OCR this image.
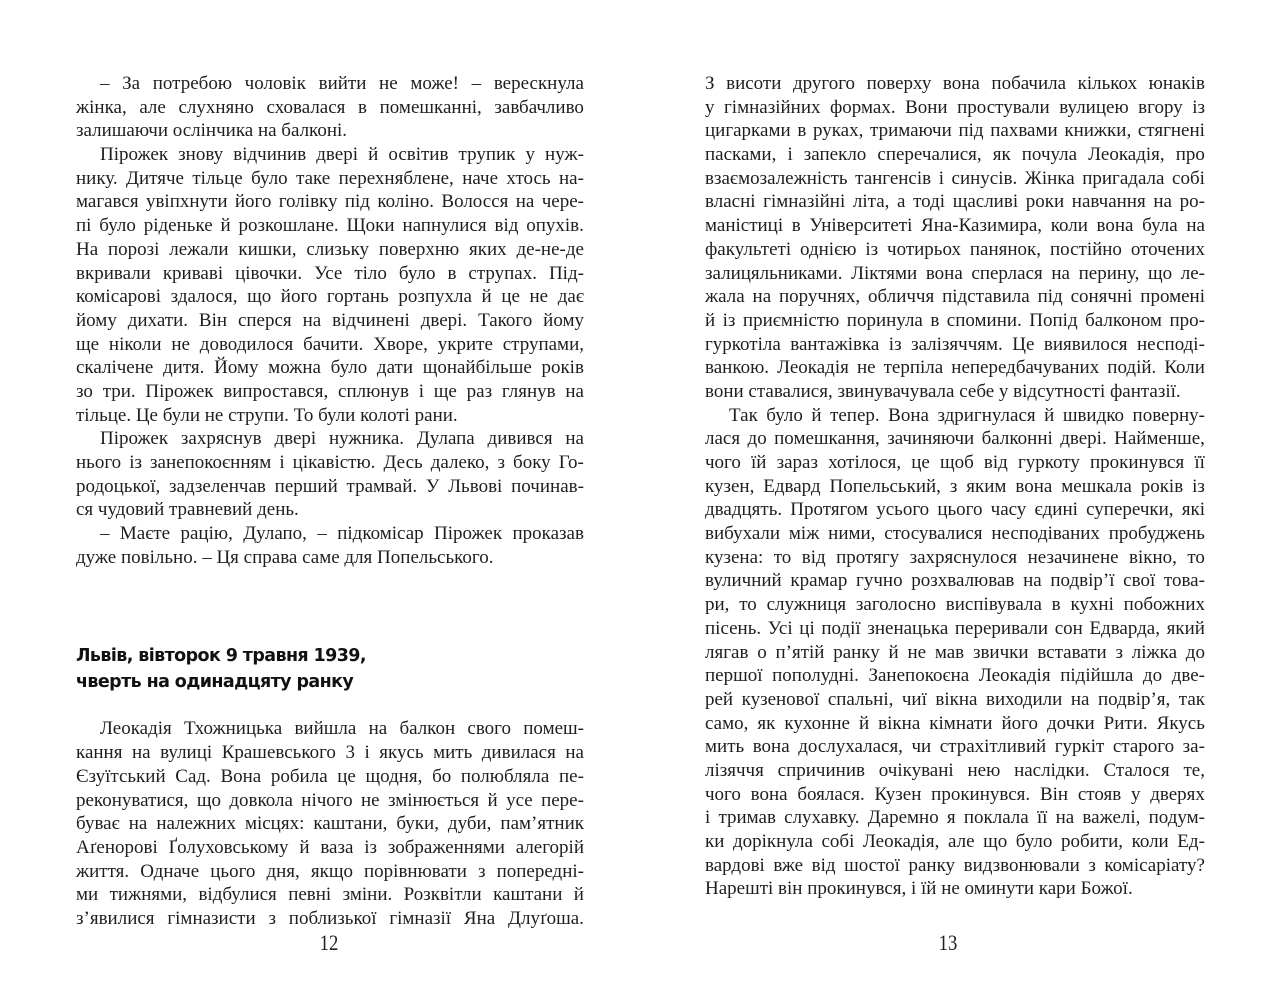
– За потребою чоловік вийти не може! – верескнула
жінка, але слухняно сховалася в помешканні, завбачливо
залишаючи ослінчика на балконі.
Пірожек знову відчинив двері й освітив трупик у нуж-
нику. Дитяче тільце було таке перехнябленe, наче хтось на-
магався увіпхнути його голівку під коліно. Волосся на чере-
пі було ріденьке й розкошлане. Щоки напнулися від опухів.
На порозі лежали кишки, слизьку поверхню яких де-не-де
вкривали криваві цівочки. Усе тіло було в струпах. Під-
комісарові здалося, що його гортань розпухла й це не дає
йому дихати. Він сперся на відчинені двері. Такого йому
ще ніколи не доводилося бачити. Хворе, укрите струпами,
скалічене дитя. Йому можна було дати щонайбільше років
зо три. Пірожек випростався, сплюнув і ще раз глянув на
тільце. Це були не струпи. То були колоті рани.
Пірожек захряснув двері нужника. Дулапа дивився на
нього із занепокоєнням і цікавістю. Десь далеко, з боку Го-
родоцької, задзеленчав перший трамвай. У Львові починав-
ся чудовий травневий день.
– Маєте рацію, Дулапо, – підкомісар Пірожек проказав
дуже повільно. – Ця справа саме для Попельського.
Львів, вівторок 9 травня 1939,
чверть на одинадцяту ранку
Леокадія Тхожницька вийшла на балкон свого помеш-
кання на вулиці Крашевського 3 і якусь мить дивилася на
Єзуїтський Сад. Вона робила це щодня, бо полюбляла пе-
реконуватися, що довкола нічого не змінюється й усе пере-
буває на належних місцях: каштани, буки, дуби, пам’ятник
Аґенорові Ґолуховському й ваза із зображеннями алегорій
життя. Одначе цього дня, якщо порівнювати з попередні-
ми тижнями, відбулися певні зміни. Розквітли каштани й
з’явилися гімназисти з поблизької гімназії Яна Длуґоша.
З висоти другого поверху вона побачила кількох юнаків
у гімназійних формах. Вони простували вулицею вгору із
цигарками в руках, тримаючи під пахвами книжки, стягнені
пасками, і запекло сперечалися, як почула Леокадія, про
взаємозалежність тангенсів і синусів. Жінка пригадала собі
власні гімназійні літа, а тоді щасливі роки навчання на ро-
маністиці в Університеті Яна-Казимира, коли вона була на
факультеті однією із чотирьох панянок, постійно оточених
залицяльниками. Ліктями вона сперлася на перину, що ле-
жала на поручнях, обличчя підставила під сонячні промені
й із приємністю поринула в спомини. Попід балконом про-
гуркотіла вантажівка із залізяччям. Це виявилося несподі-
ванкою. Леокадія не терпіла непередбачуваних подій. Коли
вони ставалися, звинувачувала себе у відсутності фантазії.
Так було й тепер. Вона здригнулася й швидко поверну-
лася до помешкання, зачиняючи балконні двері. Найменше,
чого їй зараз хотілося, це щоб від гуркоту прокинувся її
кузен, Едвард Попельський, з яким вона мешкала років із
двадцять. Протягом усього цього часу єдині суперечки, які
вибухали між ними, стосувалися несподіваних пробуджень
кузена: то від протягу захряснулося незачинене вікно, то
вуличний крамар гучно розхвалював на подвір’ї свої това-
ри, то служниця заголосно виспівувала в кухні побожних
пісень. Усі ці події зненацька переривали сон Едварда, який
лягав о п’ятій ранку й не мав звички вставати з ліжка до
першої пополудні. Занепокоєна Леокадія підійшла до две-
рей кузенової спальні, чиї вікна виходили на подвір’я, так
само, як кухонне й вікна кімнати його дочки Рити. Якусь
мить вона дослухалася, чи страхітливий гуркіт старого за-
лізяччя спричинив очікувані нею наслідки. Сталося те,
чого вона боялася. Кузен прокинувся. Він стояв у дверях
і тримав слухавку. Даремно я поклала її на важелі, подум-
ки дорікнула собі Леокадія, але що було робити, коли Ед-
вардові вже від шостої ранку видзвонювали з комісаріату?
Нарешті він прокинувся, і їй не оминути кари Божої.
12	13
